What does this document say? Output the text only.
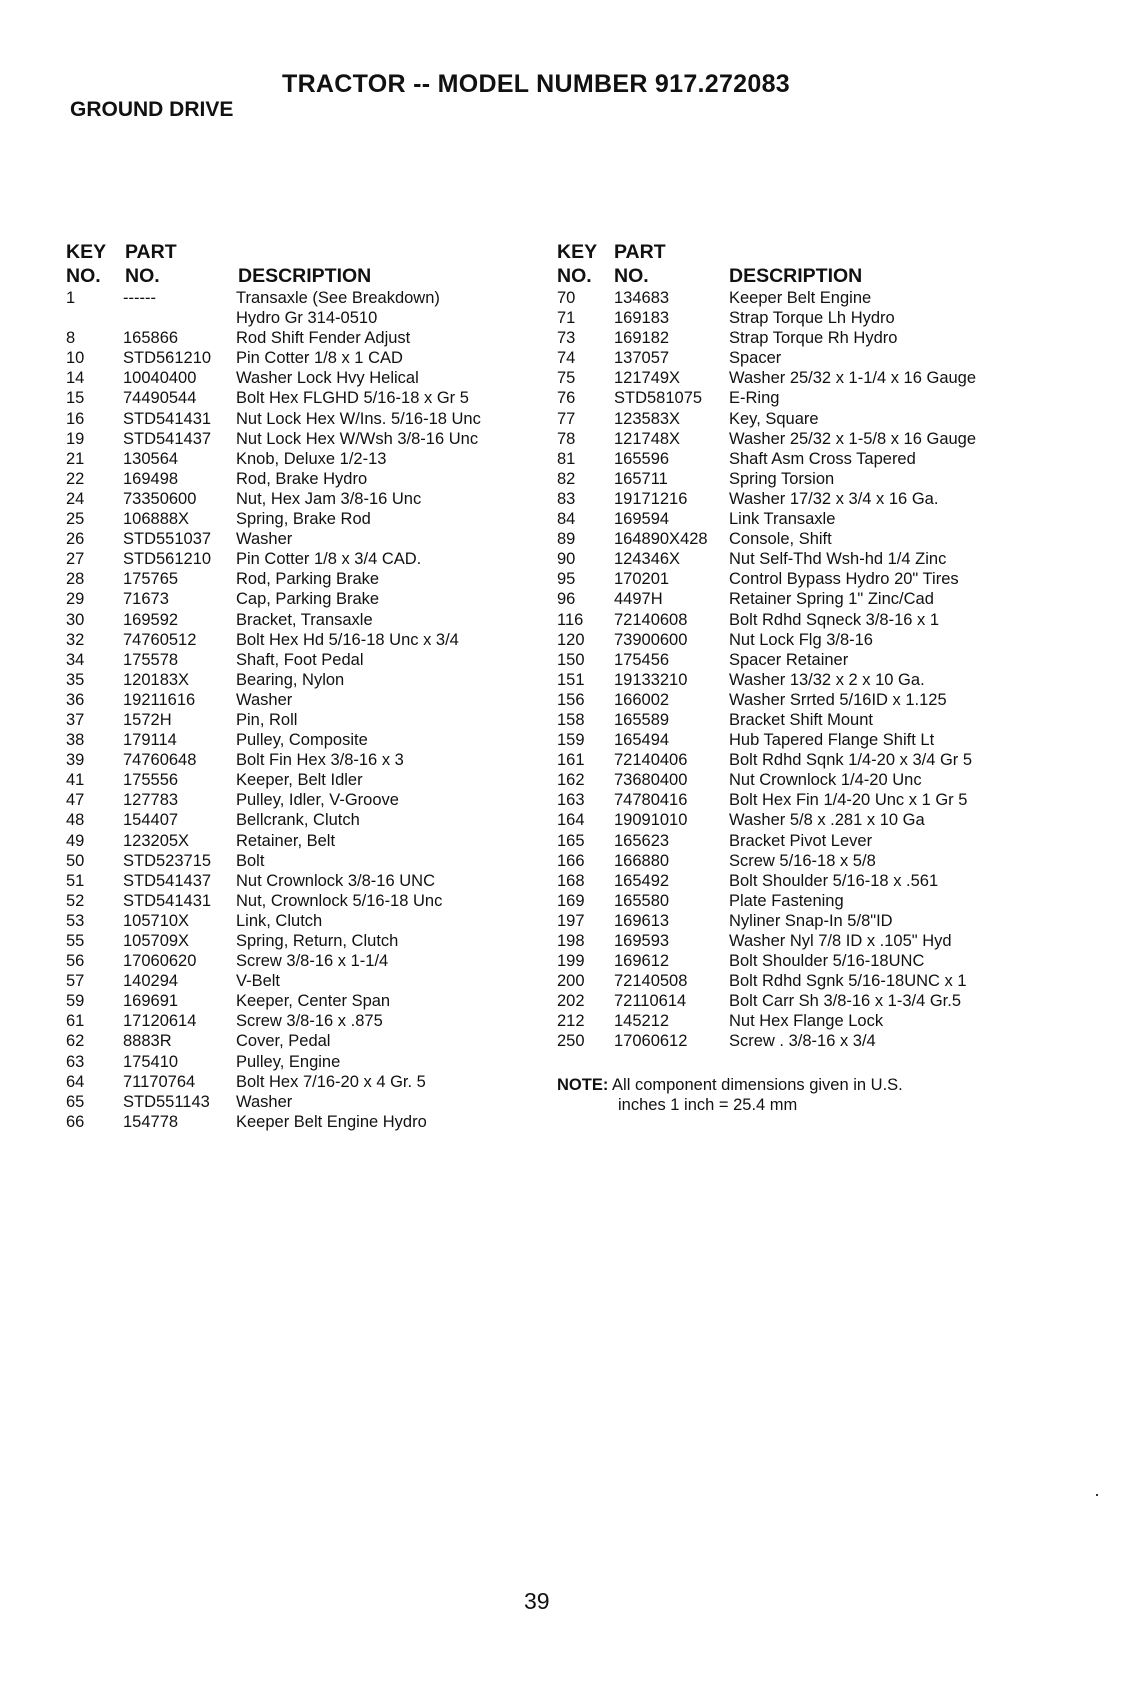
TRACTOR -- MODEL NUMBER 917.272083
GROUND DRIVE
KEY PART
NO. NO.	DESCRIPTION
1	------	Transaxle (See Breakdown)
Hydro Gr 314-0510
8	165866	Rod Shift Fender Adjust
10 STD561210 Pin Cotter 1/8 x 1 CAD
14 10040400 Washer Lock Hvy Helical
15 74490544 Bolt Hex FLGHD 5/16-18 x Gr 5
16 STD541431 Nut Lock Hex W/Ins. 5/16-18 Unc
19 STD541437 Nut Lock Hex W/Wsh 3/8-16 Unc
21 130564	Knob, Deluxe 1/2-13
22 169498	Rod, Brake Hydro
24 73350600 Nut, Hex Jam 3/8-16 Unc
25 106888X	Spring, Brake Rod
26 STD551037 Washer
27 STD561210 Pin Cotter 1/8 x 3/4 CAD.
28 175765	Rod, Parking Brake
29 71673	Cap, Parking Brake
30 169592	Bracket, Transaxle
32 74760512 Bolt Hex Hd 5/16-18 Unc x 3/4
34 175578	Shaft, Foot Pedal
35 120183X	Bearing, Nylon
36 19211616 Washer
37 1572H	Pin, Roll
38 179114	Pulley, Composite
39 74760648 Bolt Fin Hex 3/8-16 x 3
41 175556	Keeper, Belt Idler
47 127783	Pulley, Idler, V-Groove
48 154407	Bellcrank, Clutch
49 123205X	Retainer, Belt
50 STD523715 Bolt
51 STD541437 Nut Crownlock 3/8-16 UNC
52 STD541431 Nut, Crownlock 5/16-18 Unc
53 105710X	Link, Clutch
55 105709X	Spring, Return, Clutch
56 17060620 Screw 3/8-16 x 1-1/4
57 140294	V-Belt
59 169691	Keeper, Center Span
61 17120614 Screw 3/8-16 x .875
62 8883R	Cover, Pedal
63 175410	Pulley, Engine
64 71170764 Bolt Hex 7/16-20 x 4 Gr. 5
65 STD551143 Washer
66 154778	Keeper Belt Engine Hydro
KEY PART
NO. NO.	DESCRIPTION
70 134683	Keeper Belt Engine
71 169183	Strap Torque Lh Hydro
73 169182	Strap Torque Rh Hydro
74 137057	Spacer
75 121749X	Washer 25/32 x 1-1/4 x 16 Gauge
76 STD581075 E-Ring
77 123583X	Key, Square
78 121748X	Washer 25/32 x 1-5/8 x 16 Gauge
81 165596	Shaft Asm Cross Tapered
82 165711	Spring Torsion
83 19171216	Washer 17/32 x 3/4 x 16 Ga.
84 169594	Link Transaxle
89 164890X428 Console, Shift
90 124346X	Nut Self-Thd Wsh-hd 1/4 Zinc
95 170201	Control Bypass Hydro 20" Tires
96 4497H	Retainer Spring 1" Zinc/Cad
116 72140608	Bolt Rdhd Sqneck 3/8-16 x 1
120 73900600	Nut Lock Flg 3/8-16
150 175456	Spacer Retainer
151 19133210	Washer 13/32 x 2 x 10 Ga.
156 166002	Washer Srrted 5/16ID x 1.125
158 165589	Bracket Shift Mount
159 165494	Hub Tapered Flange Shift Lt
161 72140406	Bolt Rdhd Sqnk 1/4-20 x 3/4 Gr 5
162 73680400	Nut Crownlock 1/4-20 Unc
163 74780416	Bolt Hex Fin 1/4-20 Unc x 1 Gr 5
164 19091010	Washer 5/8 x .281 x 10 Ga
165 165623	Bracket Pivot Lever
166 166880	Screw 5/16-18 x 5/8
168 165492	Bolt Shoulder 5/16-18 x .561
169 165580	Plate Fastening
197 169613	Nyliner Snap-In 5/8"ID
198 169593	Washer Nyl 7/8 ID x .105" Hyd
199 169612	Bolt Shoulder 5/16-18UNC
200 72140508	Bolt Rdhd Sgnk 5/16-18UNC x 1
202 72110614	Bolt Carr Sh 3/8-16 x 1-3/4 Gr.5
212 145212	Nut Hex Flange Lock
250 17060612	Screw . 3/8-16 x 3/4
NOTE: All component dimensions given in U.S.
inches 1 inch = 25.4 mm
39
